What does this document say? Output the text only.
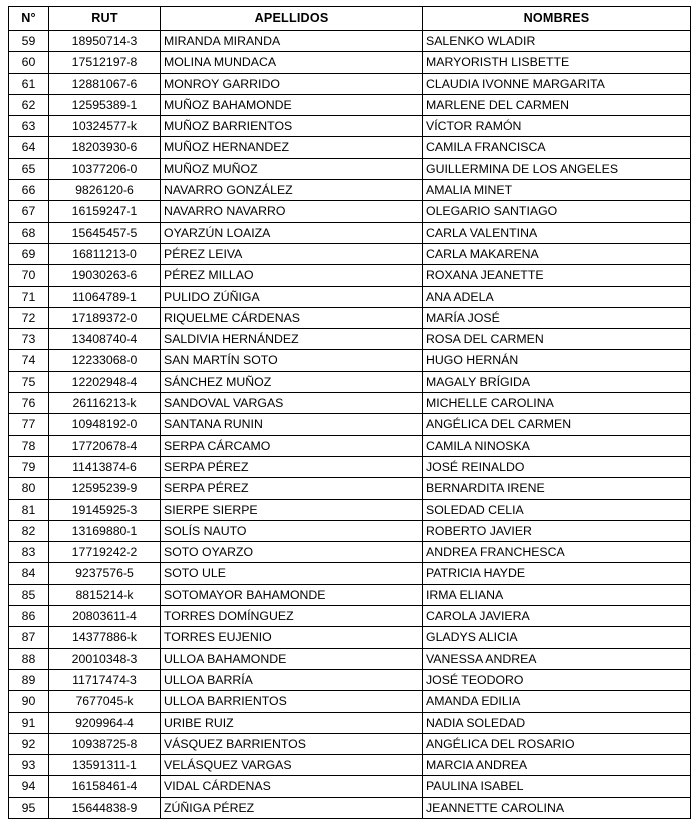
N°	RUT	APELLIDOS	NOMBRES
59	18950714-3	MIRANDA MIRANDA	SALENKO WLADIR
60	17512197-8	MOLINA MUNDACA	MARYORISTH LISBETTE
61	12881067-6	MONROY GARRIDO	CLAUDIA IVONNE MARGARITA
62	12595389-1	MUÑOZ BAHAMONDE	MARLENE DEL CARMEN
63	10324577-k	MUÑOZ BARRIENTOS	VÍCTOR RAMÓN
64	18203930-6	MUÑOZ HERNANDEZ	CAMILA FRANCISCA
65	10377206-0	MUÑOZ MUÑOZ	GUILLERMINA DE LOS ANGELES
66	9826120-6	NAVARRO GONZÁLEZ	AMALIA MINET
67	16159247-1	NAVARRO NAVARRO	OLEGARIO SANTIAGO
68	15645457-5	OYARZÚN LOAIZA	CARLA VALENTINA
69	16811213-0	PÉREZ LEIVA	CARLA MAKARENA
70	19030263-6	PÉREZ MILLAO	ROXANA JEANETTE
71	11064789-1	PULIDO ZÚÑIGA	ANA ADELA
72	17189372-0	RIQUELME CÁRDENAS	MARÍA JOSÉ
73	13408740-4	SALDIVIA HERNÁNDEZ	ROSA DEL CARMEN
74	12233068-0	SAN MARTÍN SOTO	HUGO HERNÁN
75	12202948-4	SÁNCHEZ MUÑOZ	MAGALY BRÍGIDA
76	26116213-k	SANDOVAL VARGAS	MICHELLE CAROLINA
77	10948192-0	SANTANA RUNIN	ANGÉLICA DEL CARMEN
78	17720678-4	SERPA CÁRCAMO	CAMILA NINOSKA
79	11413874-6	SERPA PÉREZ	JOSÉ REINALDO
80	12595239-9	SERPA PÉREZ	BERNARDITA IRENE
81	19145925-3	SIERPE SIERPE	SOLEDAD CELIA
82	13169880-1	SOLÍS NAUTO	ROBERTO JAVIER
83	17719242-2	SOTO OYARZO	ANDREA FRANCHESCA
84	9237576-5	SOTO ULE	PATRICIA HAYDE
85	8815214-k	SOTOMAYOR BAHAMONDE	IRMA ELIANA
86	20803611-4	TORRES DOMÍNGUEZ	CAROLA JAVIERA
87	14377886-k	TORRES EUJENIO	GLADYS ALICIA
88	20010348-3	ULLOA BAHAMONDE	VANESSA ANDREA
89	11717474-3	ULLOA BARRÍA	JOSÉ TEODORO
90	7677045-k	ULLOA BARRIENTOS	AMANDA EDILIA
91	9209964-4	URIBE RUIZ	NADIA SOLEDAD
92	10938725-8	VÁSQUEZ BARRIENTOS	ANGÉLICA DEL ROSARIO
93	13591311-1	VELÁSQUEZ VARGAS	MARCIA ANDREA
94	16158461-4	VIDAL CÁRDENAS	PAULINA ISABEL
95	15644838-9	ZÚÑIGA PÉREZ	JEANNETTE CAROLINA
